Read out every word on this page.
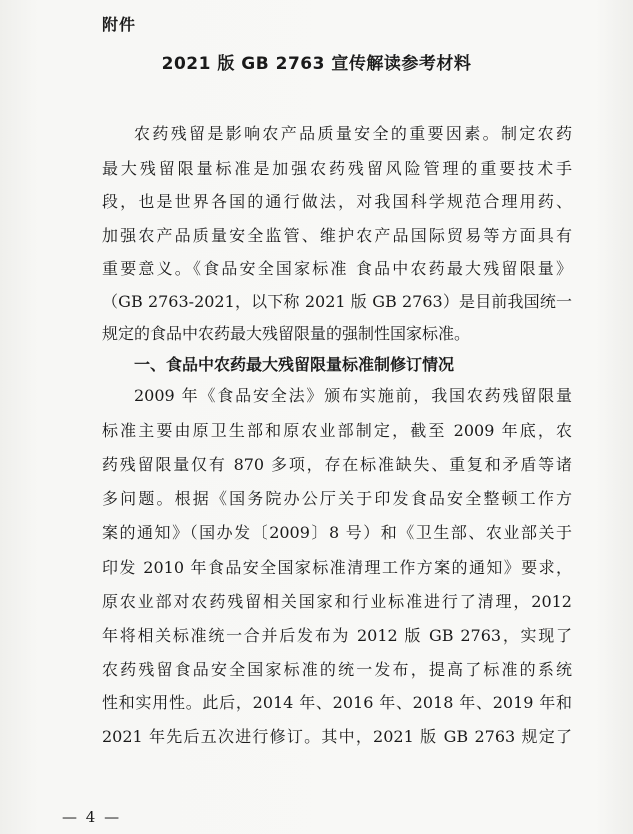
附件
2021 版 GB 2763 宣传解读参考材料
农药残留是影响农产品质量安全的重要因素。制定农药
最大残留限量标准是加强农药残留风险管理的重要技术手
段，也是世界各国的通行做法，对我国科学规范合理用药、
加强农产品质量安全监管、维护农产品国际贸易等方面具有
重要意义。《食品安全国家标准 食品中农药最大残留限量》
（GB 2763-2021，以下称 2021 版 GB 2763）是目前我国统一
规定的食品中农药最大残留限量的强制性国家标准。
一、食品中农药最大残留限量标准制修订情况
2009 年《食品安全法》颁布实施前，我国农药残留限量
标准主要由原卫生部和原农业部制定，截至 2009 年底，农
药残留限量仅有 870 多项，存在标准缺失、重复和矛盾等诸
多问题。根据《国务院办公厅关于印发食品安全整顿工作方
案的通知》（国办发〔2009〕8 号）和《卫生部、农业部关于
印发 2010 年食品安全国家标准清理工作方案的通知》要求，
原农业部对农药残留相关国家和行业标准进行了清理，2012
年将相关标准统一合并后发布为 2012 版 GB 2763，实现了
农药残留食品安全国家标准的统一发布，提高了标准的系统
性和实用性。此后，2014 年、2016 年、2018 年、2019 年和
2021 年先后五次进行修订。其中，2021 版 GB 2763 规定了
— 4 —
